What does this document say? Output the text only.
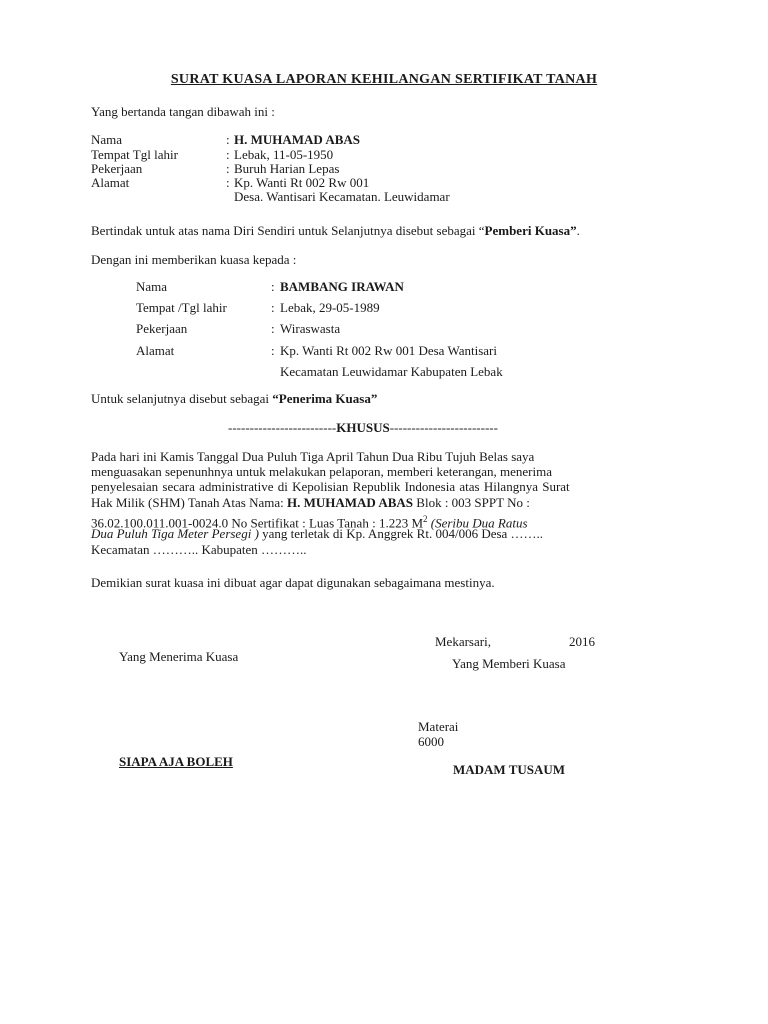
SURAT KUASA LAPORAN KEHILANGAN SERTIFIKAT TANAH
Yang bertanda tangan dibawah ini :
Nama	: H. MUHAMAD ABAS
Tempat Tgl lahir	: Lebak, 11-05-1950
Pekerjaan	: Buruh Harian Lepas
Alamat	: Kp. Wanti Rt 002 Rw 001
Desa. Wantisari Kecamatan. Leuwidamar
Bertindak untuk atas nama Diri Sendiri untuk Selanjutnya disebut sebagai “Pemberi Kuasa”.
Dengan ini memberikan kuasa kepada :
Nama	: BAMBANG IRAWAN
Tempat /Tgl lahir	: Lebak, 29-05-1989
Pekerjaan	: Wiraswasta
Alamat	: Kp. Wanti Rt 002 Rw 001 Desa Wantisari
Kecamatan Leuwidamar Kabupaten Lebak
Untuk selanjutnya disebut sebagai “Penerima Kuasa”
-------------------------KHUSUS-------------------------
Pada hari ini Kamis Tanggal Dua Puluh Tiga April Tahun Dua Ribu Tujuh Belas saya
menguasakan sepenunhnya untuk melakukan pelaporan, memberi keterangan, menerima
penyelesaian secara administrative di Kepolisian Republik Indonesia atas Hilangnya Surat
Hak Milik (SHM) Tanah Atas Nama: H. MUHAMAD ABAS Blok : 003 SPPT No :
36.02.100.011.001-0024.0 No Sertifikat : Luas Tanah : 1.223 $M^2$ (Seribu Dua Ratus
Dua Puluh Tiga Meter Persegi ) yang terletak di Kp. Anggrek Rt. 004/006 Desa ……..
Kecamatan ……….. Kabupaten ………..
Demikian surat kuasa ini dibuat agar dapat digunakan sebagaimana mestinya.
Mekarsari,	2016
Yang Menerima Kuasa	Yang Memberi Kuasa
Materai
6000
SIAPA AJA BOLEH
MADAM TUSAUM
